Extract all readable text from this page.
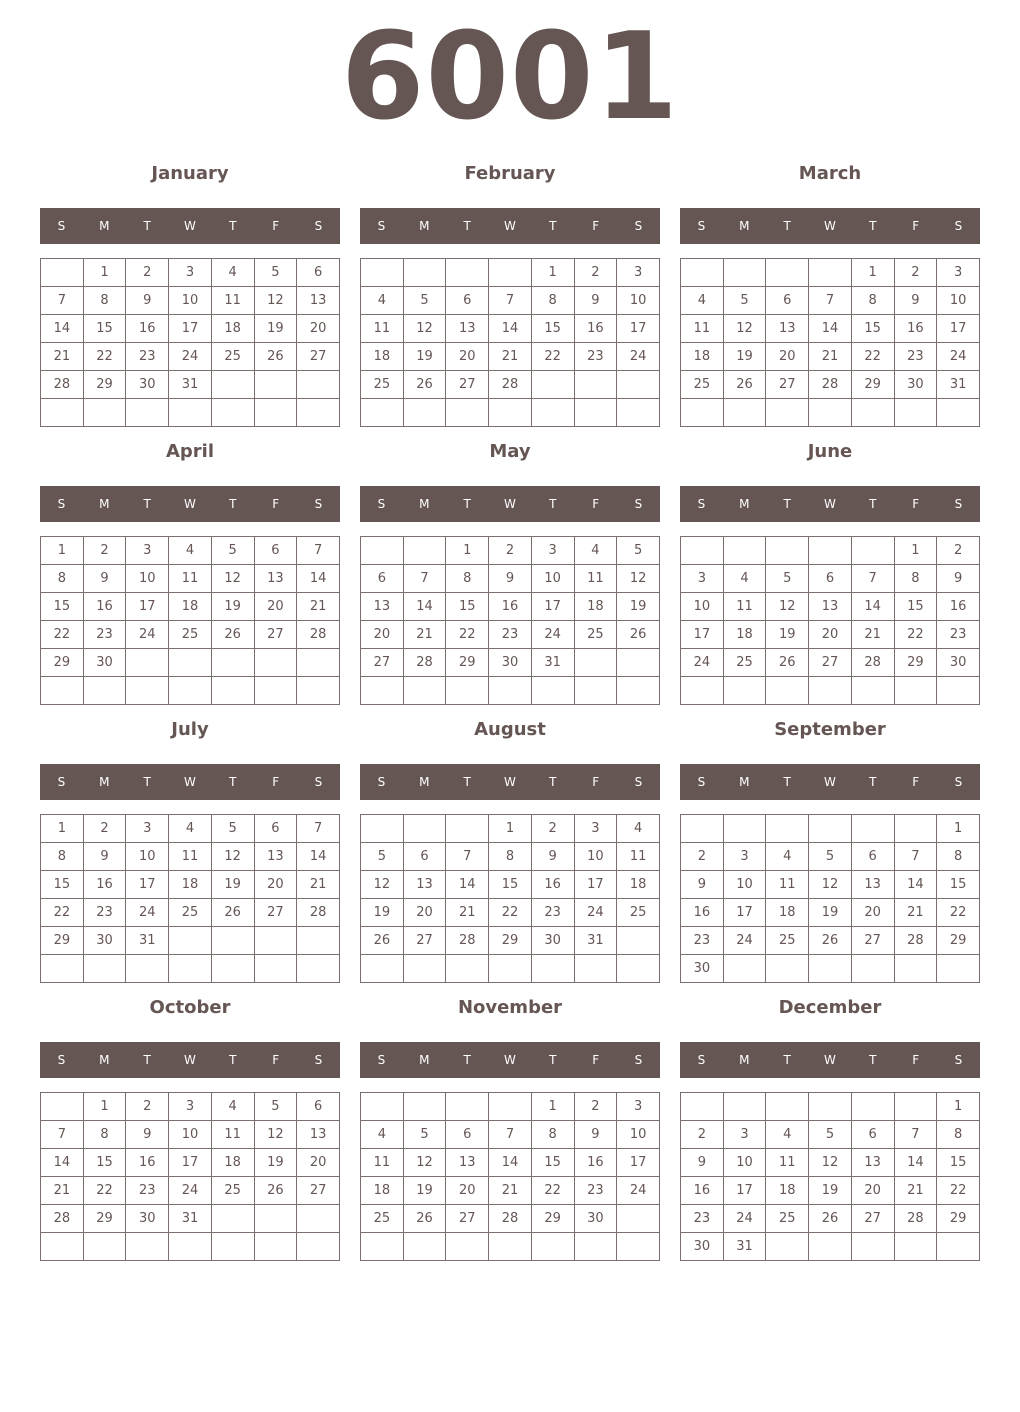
6001
January
S	M	T	W	T	F	S
	1	2	3	4	5	6
7	8	9	10	11	12	13
14	15	16	17	18	19	20
21	22	23	24	25	26	27
28	29	30	31			

February
S	M	T	W	T	F	S
				1	2	3
4	5	6	7	8	9	10
11	12	13	14	15	16	17
18	19	20	21	22	23	24
25	26	27	28			

March
S	M	T	W	T	F	S
				1	2	3
4	5	6	7	8	9	10
11	12	13	14	15	16	17
18	19	20	21	22	23	24
25	26	27	28	29	30	31

April
S	M	T	W	T	F	S
1	2	3	4	5	6	7
8	9	10	11	12	13	14
15	16	17	18	19	20	21
22	23	24	25	26	27	28
29	30					

May
S	M	T	W	T	F	S
		1	2	3	4	5
6	7	8	9	10	11	12
13	14	15	16	17	18	19
20	21	22	23	24	25	26
27	28	29	30	31		

June
S	M	T	W	T	F	S
					1	2
3	4	5	6	7	8	9
10	11	12	13	14	15	16
17	18	19	20	21	22	23
24	25	26	27	28	29	30

July
S	M	T	W	T	F	S
1	2	3	4	5	6	7
8	9	10	11	12	13	14
15	16	17	18	19	20	21
22	23	24	25	26	27	28
29	30	31				

August
S	M	T	W	T	F	S
			1	2	3	4
5	6	7	8	9	10	11
12	13	14	15	16	17	18
19	20	21	22	23	24	25
26	27	28	29	30	31	

September
S	M	T	W	T	F	S
						1
2	3	4	5	6	7	8
9	10	11	12	13	14	15
16	17	18	19	20	21	22
23	24	25	26	27	28	29
30						
October
S	M	T	W	T	F	S
	1	2	3	4	5	6
7	8	9	10	11	12	13
14	15	16	17	18	19	20
21	22	23	24	25	26	27
28	29	30	31			

November
S	M	T	W	T	F	S
				1	2	3
4	5	6	7	8	9	10
11	12	13	14	15	16	17
18	19	20	21	22	23	24
25	26	27	28	29	30	

December
S	M	T	W	T	F	S
						1
2	3	4	5	6	7	8
9	10	11	12	13	14	15
16	17	18	19	20	21	22
23	24	25	26	27	28	29
30	31					
